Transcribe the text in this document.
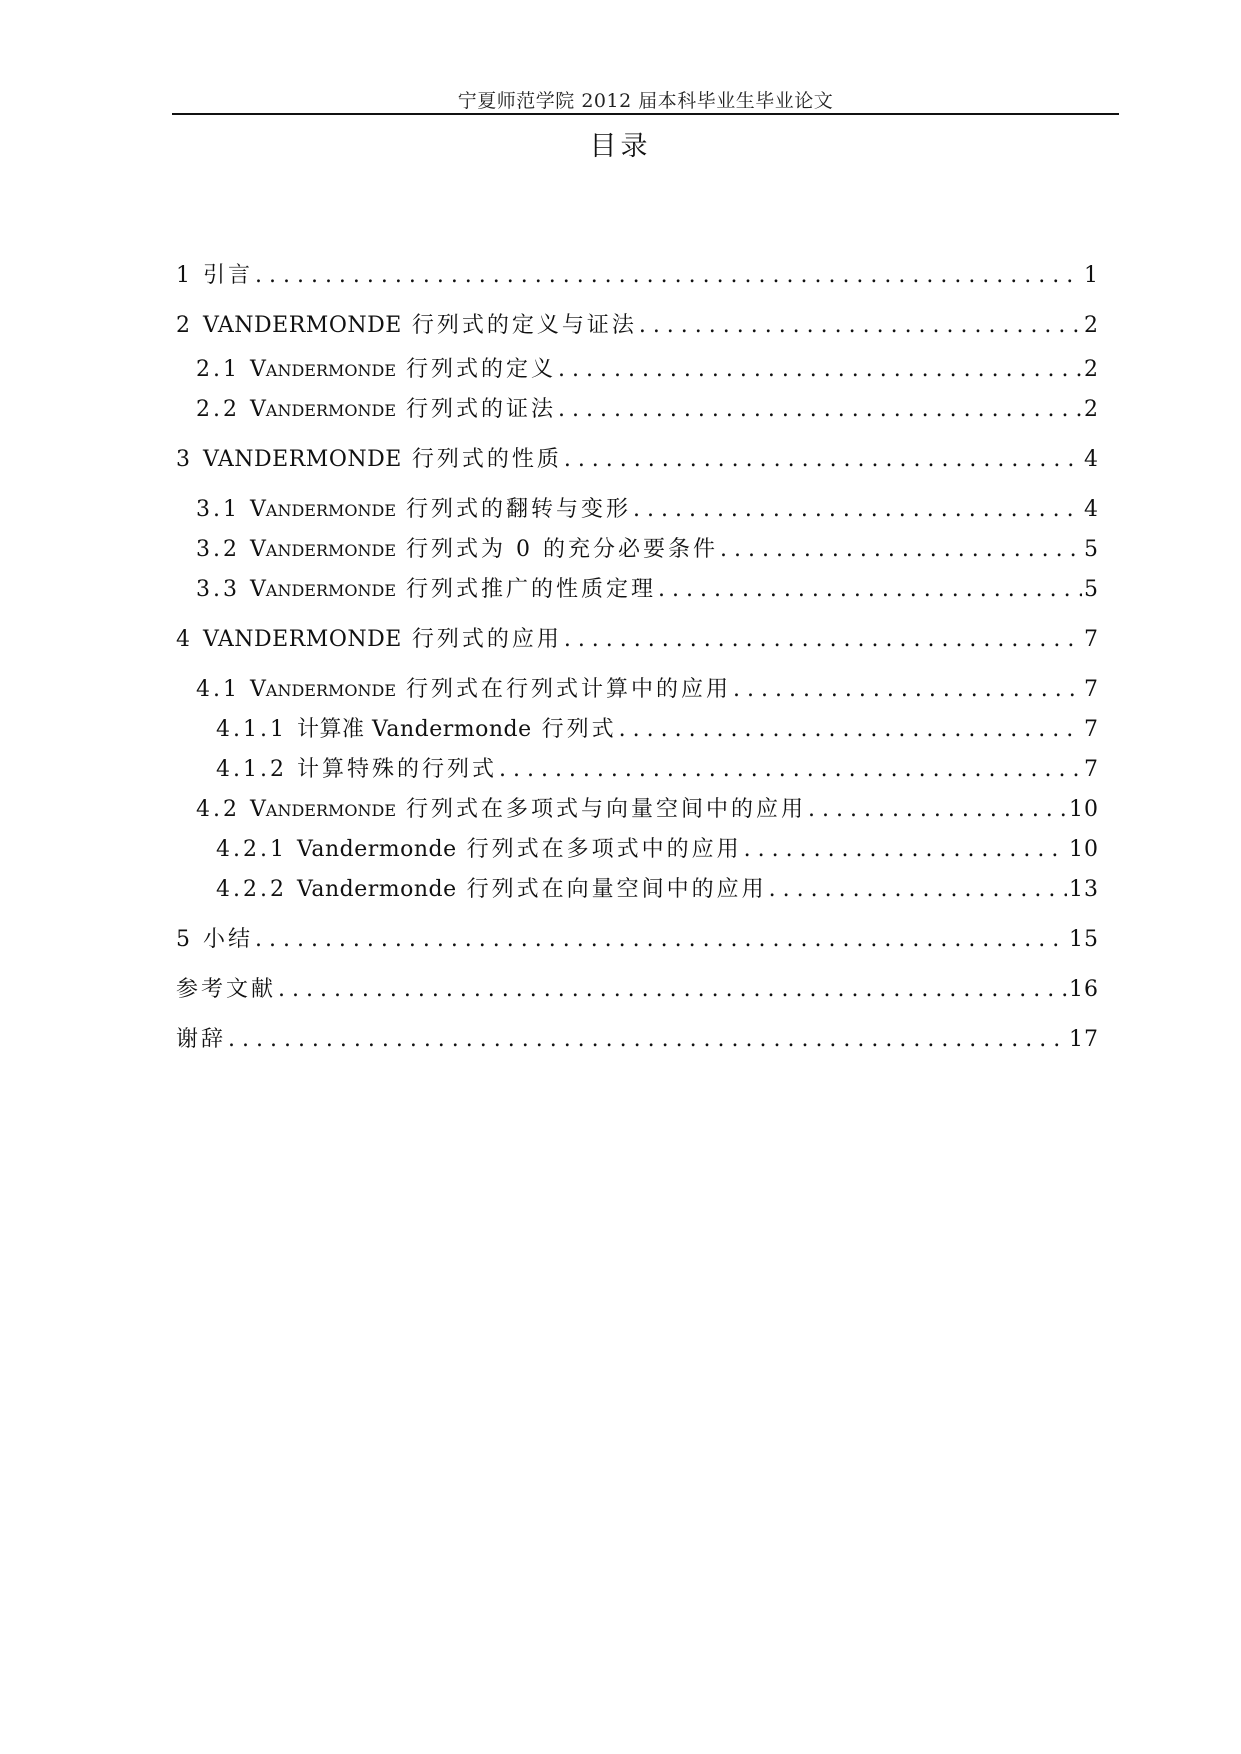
宁夏师范学院 2012 届本科毕业生毕业论文
目录
1 引言 . . .	1
2 VANDERMONDE 行列式的定义与证法 . . .	2
2.1 VANDERMONDE 行列式的定义 . . .	2
2.2 VANDERMONDE 行列式的证法 . . .	2
3 VANDERMONDE 行列式的性质 . . .	4
3.1 VANDERMONDE 行列式的翻转与变形 . . .	4
3.2 VANDERMONDE 行列式为 0 的充分必要条件 . . .	5
3.3 VANDERMONDE 行列式推广的性质定理 . . .	5
4 VANDERMONDE 行列式的应用 . . .	7
4.1 VANDERMONDE 行列式在行列式计算中的应用 . . .	7
4.1.1 计算准 Vandermonde 行列式 . . .	7
4.1.2 计算特殊的行列式 . . .	7
4.2 VANDERMONDE 行列式在多项式与向量空间中的应用 . . .	10
4.2.1 Vandermonde 行列式在多项式中的应用 . . .	10
4.2.2 Vandermonde 行列式在向量空间中的应用 . . .	13
5 小结 . . .	15
参考文献 . . .	16
谢辞 . . .	17
